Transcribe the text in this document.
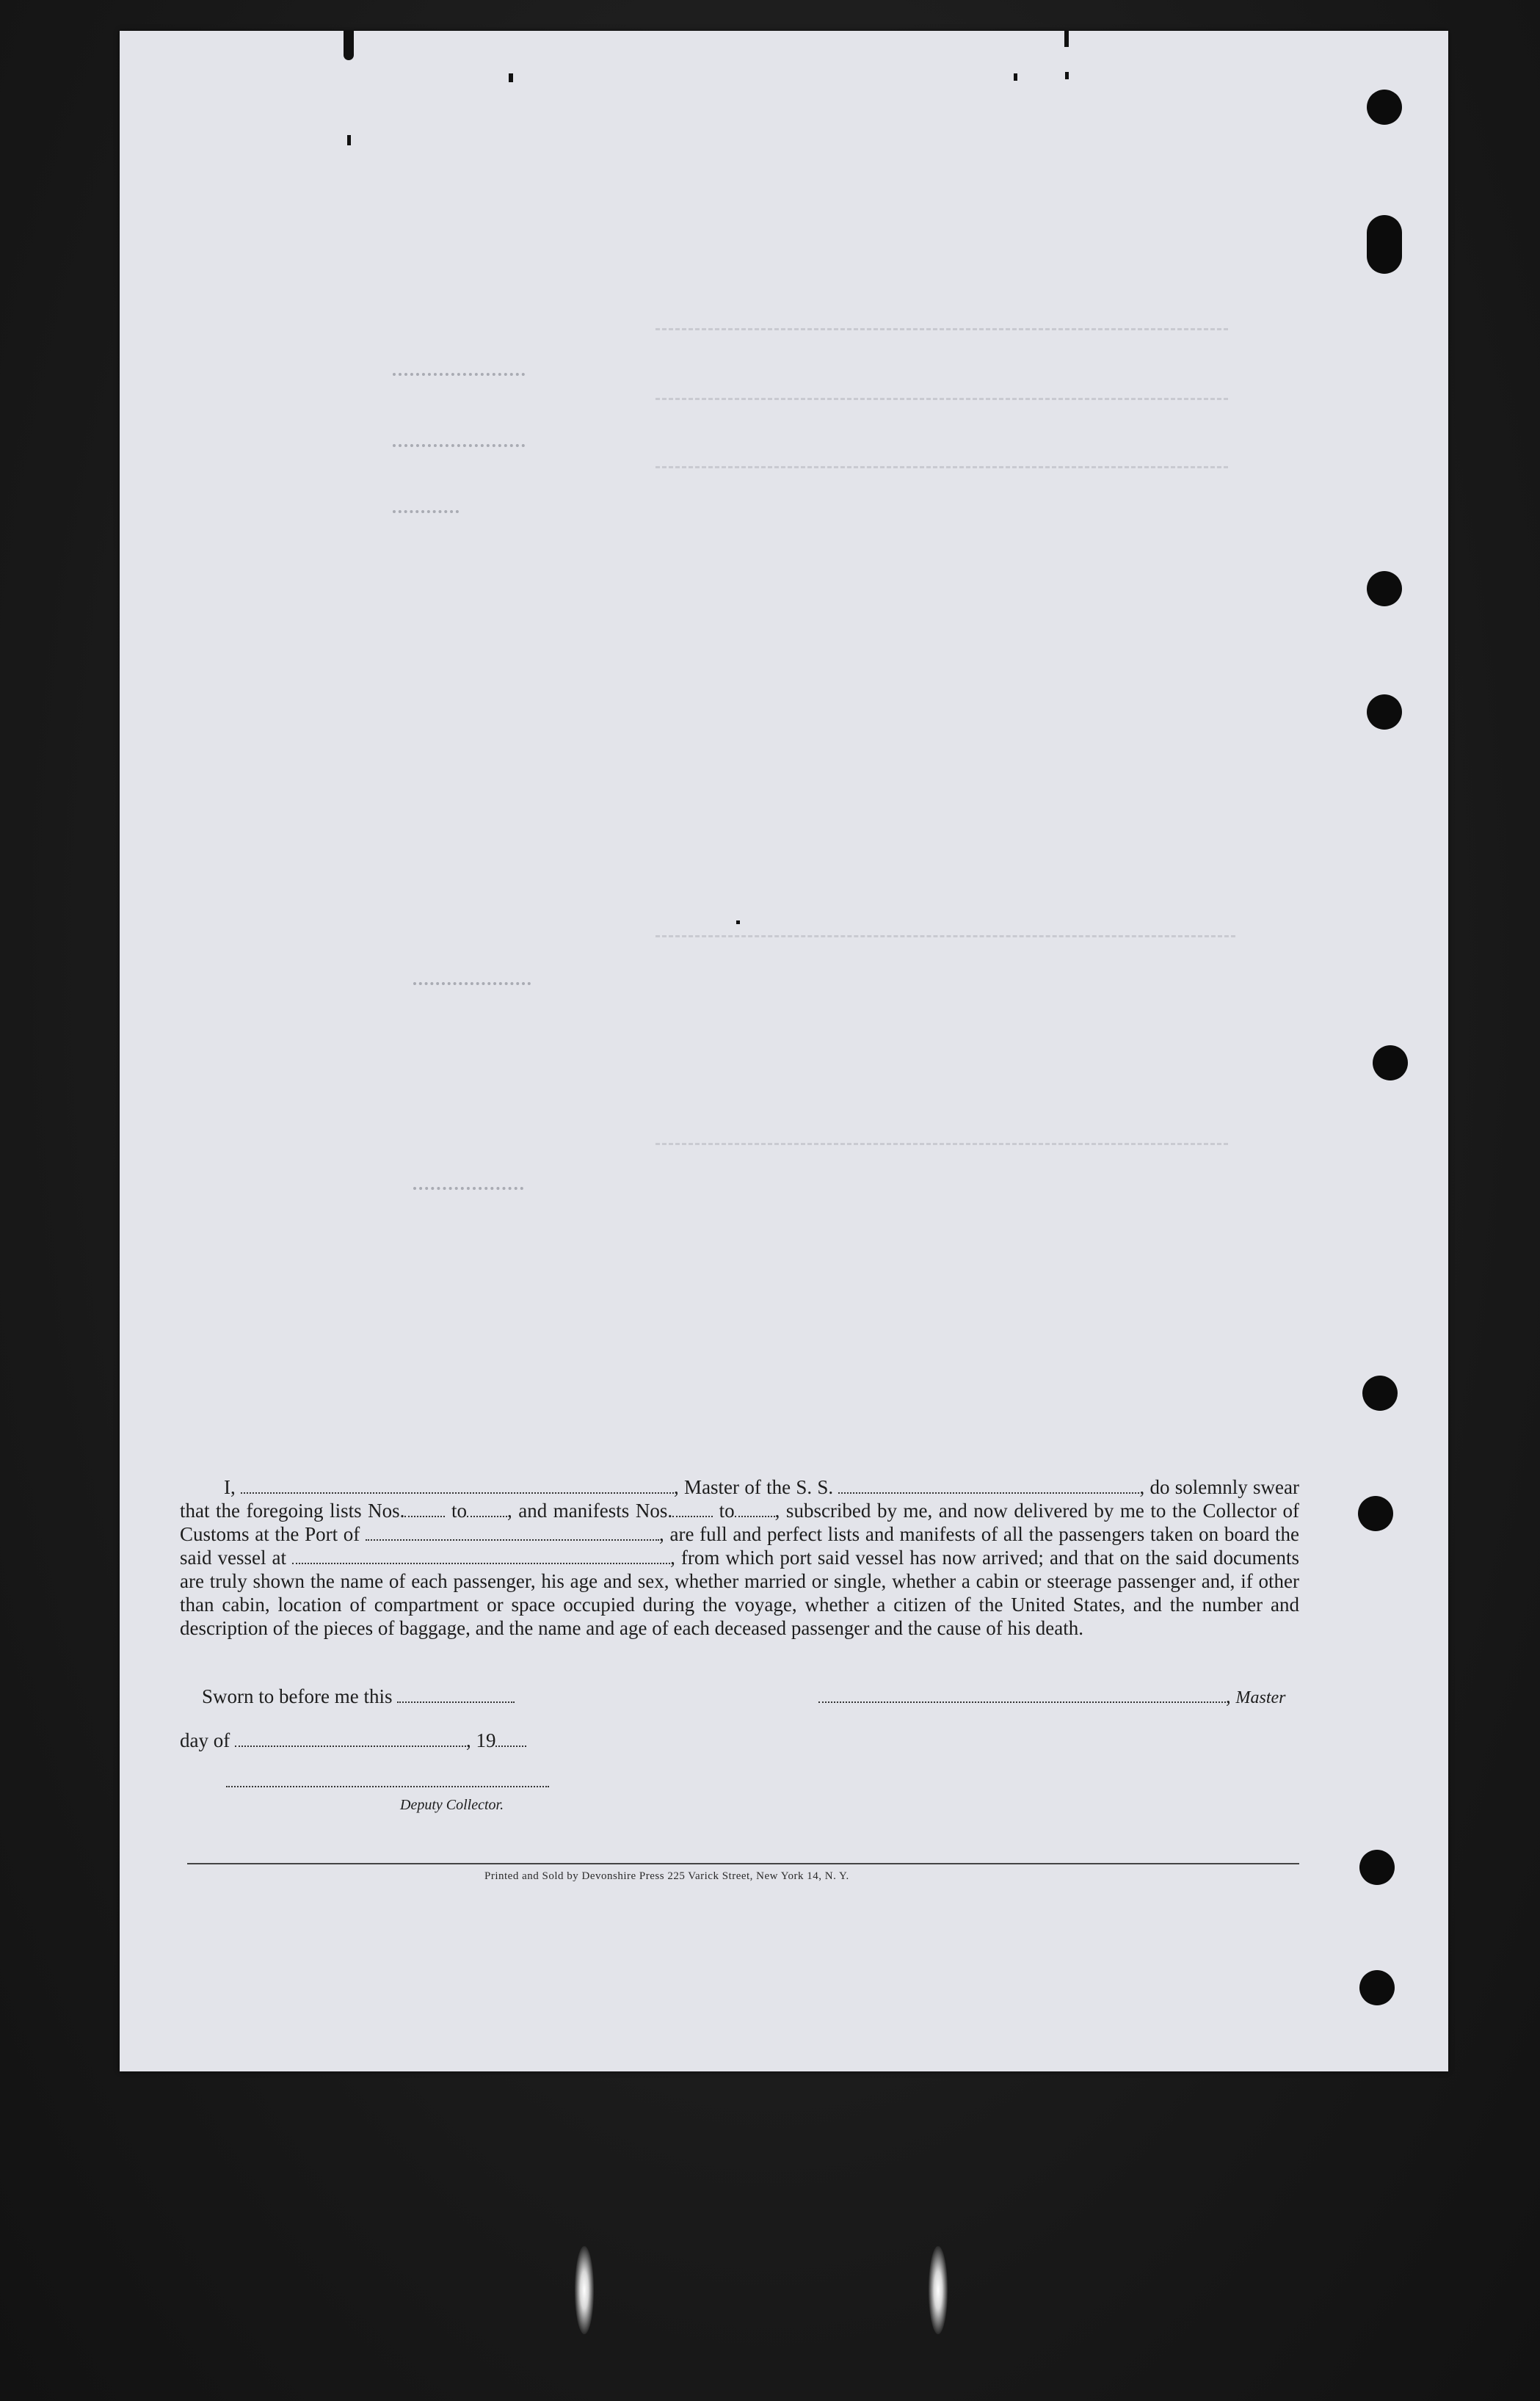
I,	, Master of the S. S.	, do solemnly swear that the foregoing lists Nos. to , and manifests Nos. to , subscribed by me, and now delivered by me to the Collector of Customs at the Port of	, are full and perfect lists and manifests of all the passengers taken on board the said vessel at	, from which port said vessel has now arrived; and that on the said documents are truly shown the name of each passenger, his age and sex, whether married or single, whether a cabin or steerage passenger and, if other than cabin, location of compartment or space occupied during the voyage, whether a citizen of the United States, and the number and description of the pieces of baggage, and the name and age of each deceased passenger and the cause of his death.

Sworn to before me this	, Master
day of	, 19
Deputy Collector.
Printed and Sold by Devonshire Press 225 Varick Street, New York 14, N. Y.
